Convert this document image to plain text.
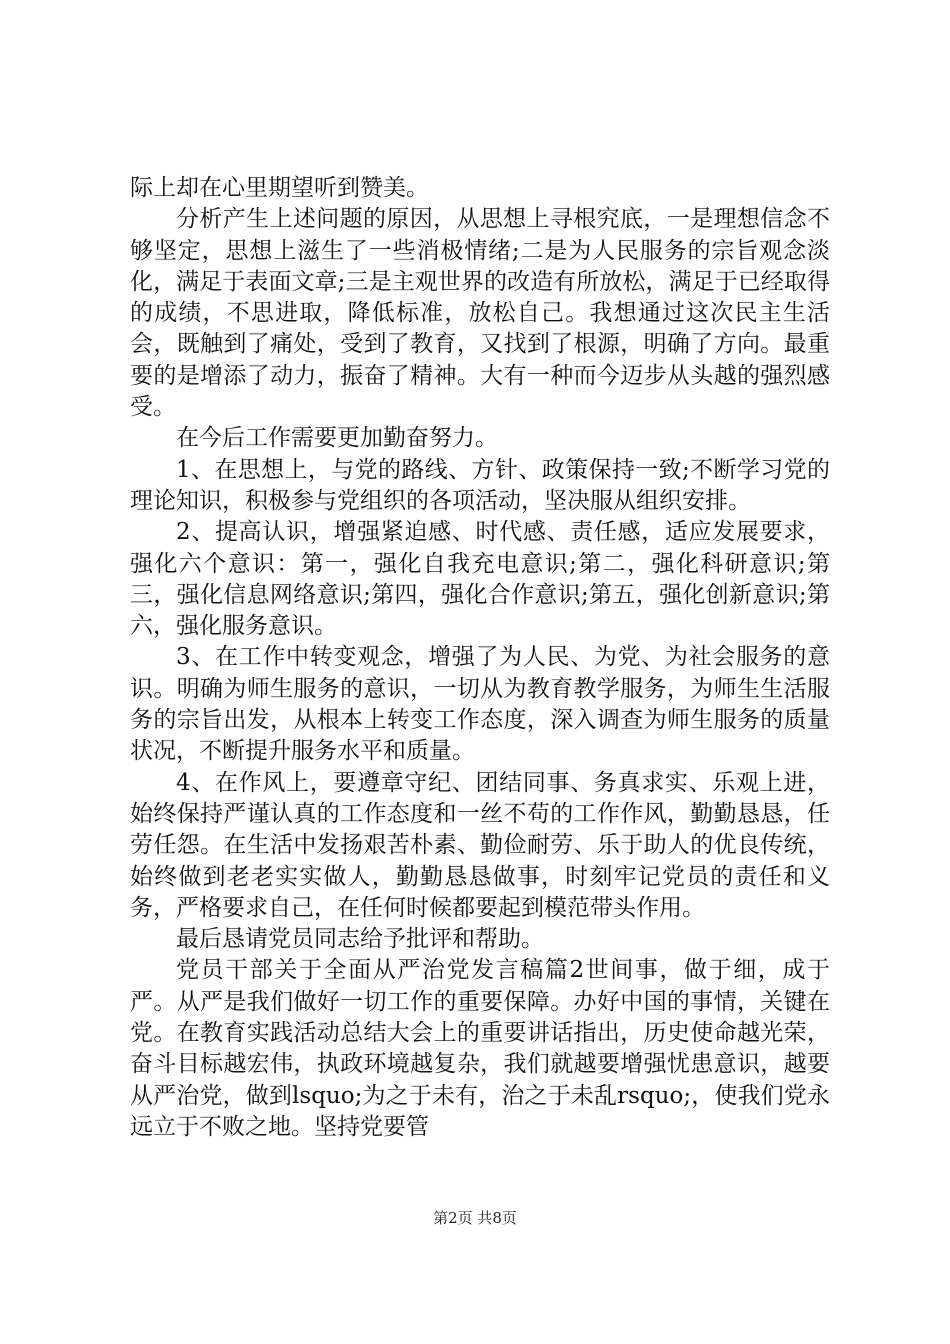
际上却在心里期望听到赞美。

分析产生上述问题的原因，从思想上寻根究底，一是理想信念不够坚定，思想上滋生了一些消极情绪;二是为人民服务的宗旨观念淡化，满足于表面文章;三是主观世界的改造有所放松，满足于已经取得的成绩，不思进取，降低标准，放松自己。我想通过这次民主生活会，既触到了痛处，受到了教育，又找到了根源，明确了方向。最重要的是增添了动力，振奋了精神。大有一种而今迈步从头越的强烈感受。

在今后工作需要更加勤奋努力。

1、在思想上，与党的路线、方针、政策保持一致;不断学习党的理论知识，积极参与党组织的各项活动，坚决服从组织安排。

2、提高认识，增强紧迫感、时代感、责任感，适应发展要求，强化六个意识：第一，强化自我充电意识;第二，强化科研意识;第三，强化信息网络意识;第四，强化合作意识;第五，强化创新意识;第六，强化服务意识。

3、在工作中转变观念，增强了为人民、为党、为社会服务的意识。明确为师生服务的意识，一切从为教育教学服务，为师生生活服务的宗旨出发，从根本上转变工作态度，深入调查为师生服务的质量状况，不断提升服务水平和质量。

4、在作风上，要遵章守纪、团结同事、务真求实、乐观上进，始终保持严谨认真的工作态度和一丝不苟的工作作风，勤勤恳恳，任劳任怨。在生活中发扬艰苦朴素、勤俭耐劳、乐于助人的优良传统，始终做到老老实实做人，勤勤恳恳做事，时刻牢记党员的责任和义务，严格要求自己，在任何时候都要起到模范带头作用。

最后恳请党员同志给予批评和帮助。

党员干部关于全面从严治党发言稿篇2世间事，做于细，成于严。从严是我们做好一切工作的重要保障。办好中国的事情，关键在党。在教育实践活动总结大会上的重要讲话指出，历史使命越光荣，奋斗目标越宏伟，执政环境越复杂，我们就越要增强忧患意识，越要从严治党，做到lsquo;为之于未有，治之于未乱rsquo;，使我们党永远立于不败之地。坚持党要管

第2页 共8页
